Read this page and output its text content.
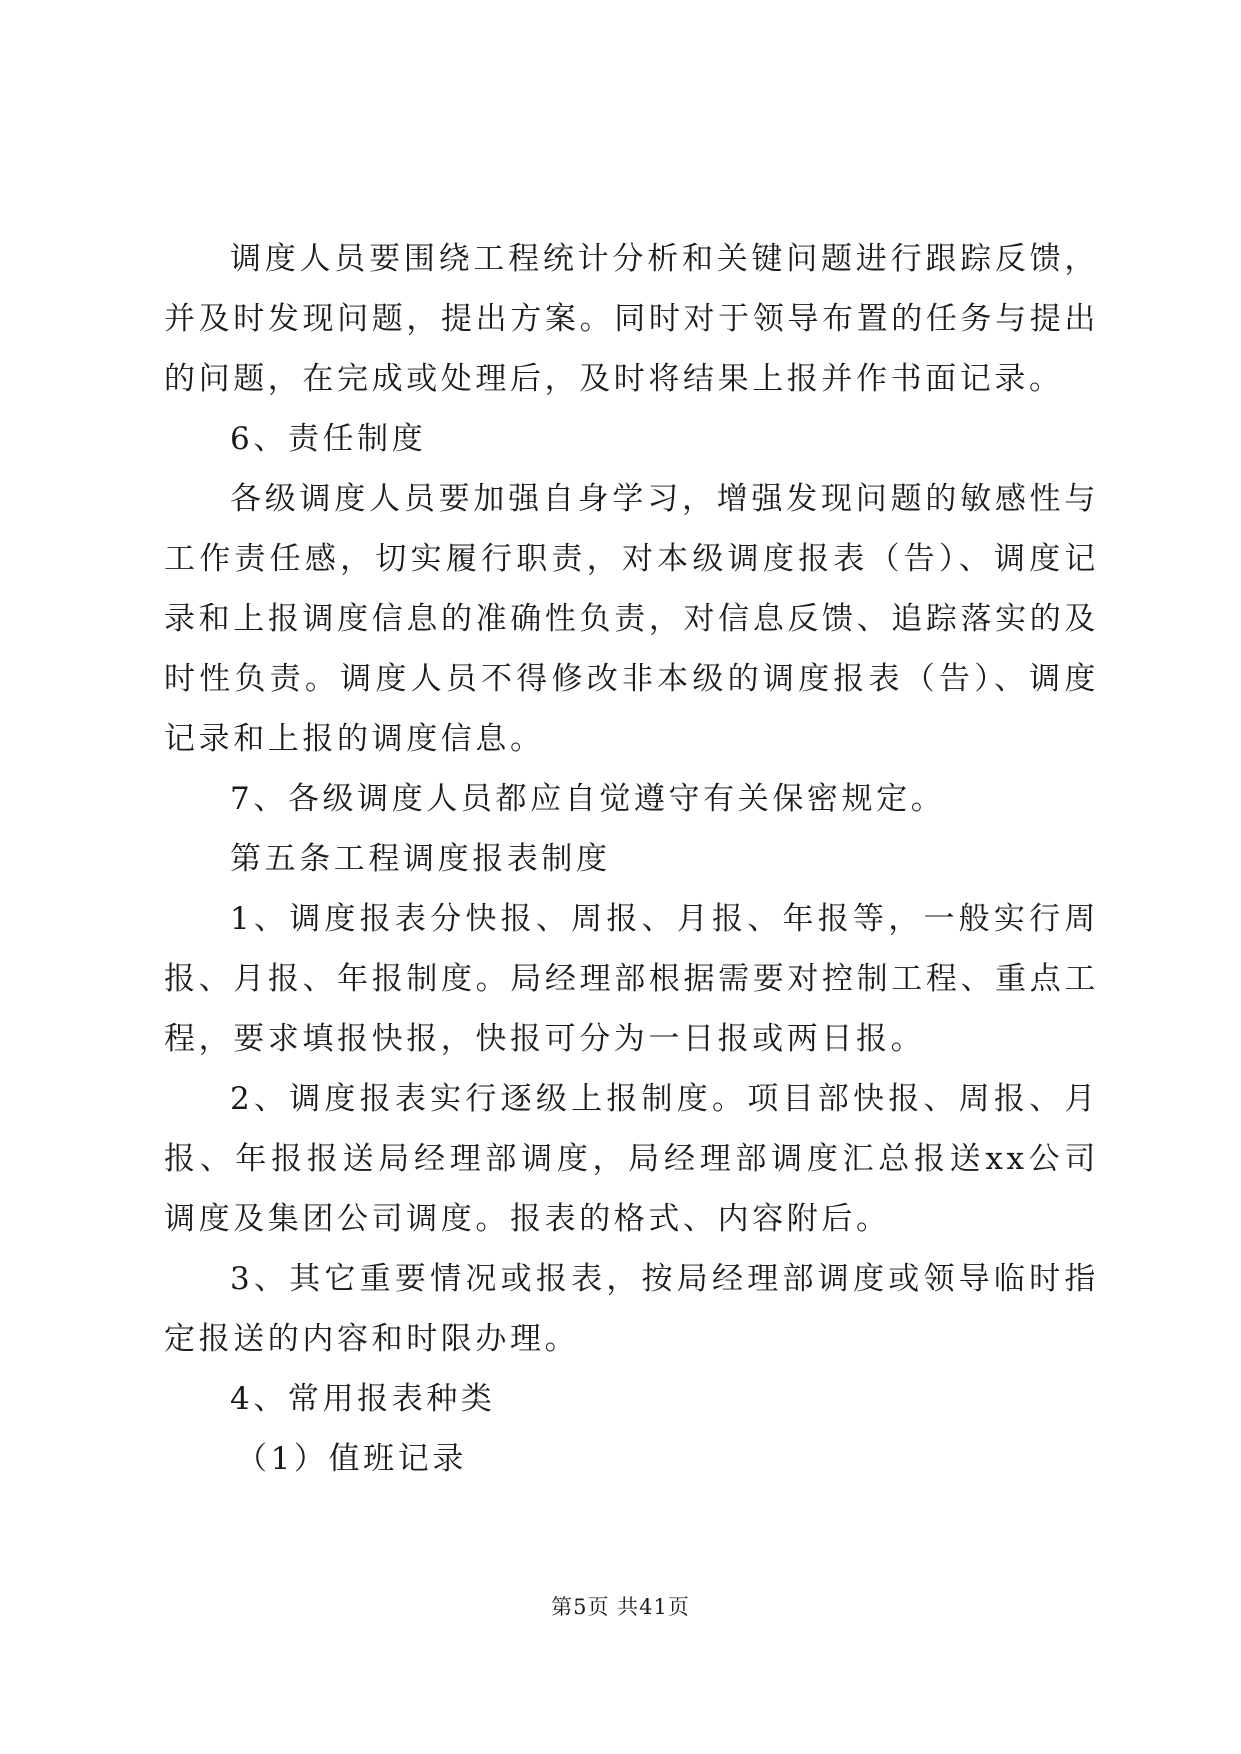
调度人员要围绕工程统计分析和关键问题进行跟踪反馈，并及时发现问题，提出方案。同时对于领导布置的任务与提出的问题，在完成或处理后，及时将结果上报并作书面记录。

6、责任制度

各级调度人员要加强自身学习，增强发现问题的敏感性与工作责任感，切实履行职责，对本级调度报表（告）、调度记录和上报调度信息的准确性负责，对信息反馈、追踪落实的及时性负责。调度人员不得修改非本级的调度报表（告）、调度记录和上报的调度信息。

7、各级调度人员都应自觉遵守有关保密规定。

第五条工程调度报表制度

1、调度报表分快报、周报、月报、年报等，一般实行周报、月报、年报制度。局经理部根据需要对控制工程、重点工程，要求填报快报，快报可分为一日报或两日报。

2、调度报表实行逐级上报制度。项目部快报、周报、月报、年报报送局经理部调度，局经理部调度汇总报送xx公司调度及集团公司调度。报表的格式、内容附后。

3、其它重要情况或报表，按局经理部调度或领导临时指定报送的内容和时限办理。

4、常用报表种类

（1）值班记录

第5页 共41页
